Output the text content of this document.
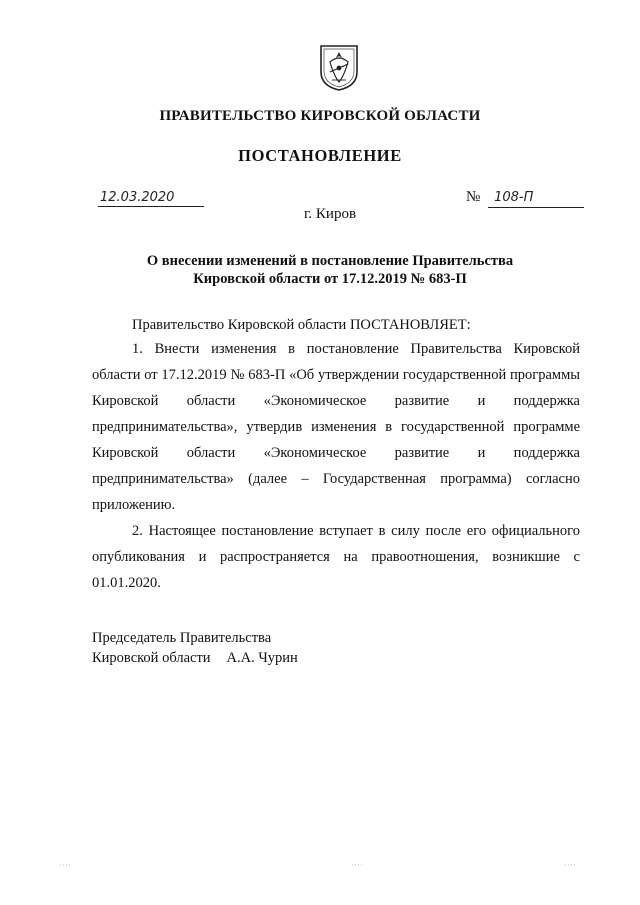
ПРАВИТЕЛЬСТВО КИРОВСКОЙ ОБЛАСТИ
ПОСТАНОВЛЕНИЕ
12.03.2020	№ 108-П
г. Киров
О внесении изменений в постановление Правительства
Кировской области от 17.12.2019 № 683-П
Правительство Кировской области ПОСТАНОВЛЯЕТ:
1. Внести изменения в постановление Правительства Кировской области от 17.12.2019 № 683-П «Об утверждении государственной программы Кировской области «Экономическое развитие и поддержка предпринимательства», утвердив изменения в государственной программе Кировской области «Экономическое развитие и поддержка предпринимательства» (далее – Государственная программа) согласно приложению.
2. Настоящее постановление вступает в силу после его официального опубликования и распространяется на правоотношения, возникшие с 01.01.2020.
Председатель Правительства
Кировской области А.А. Чурин
